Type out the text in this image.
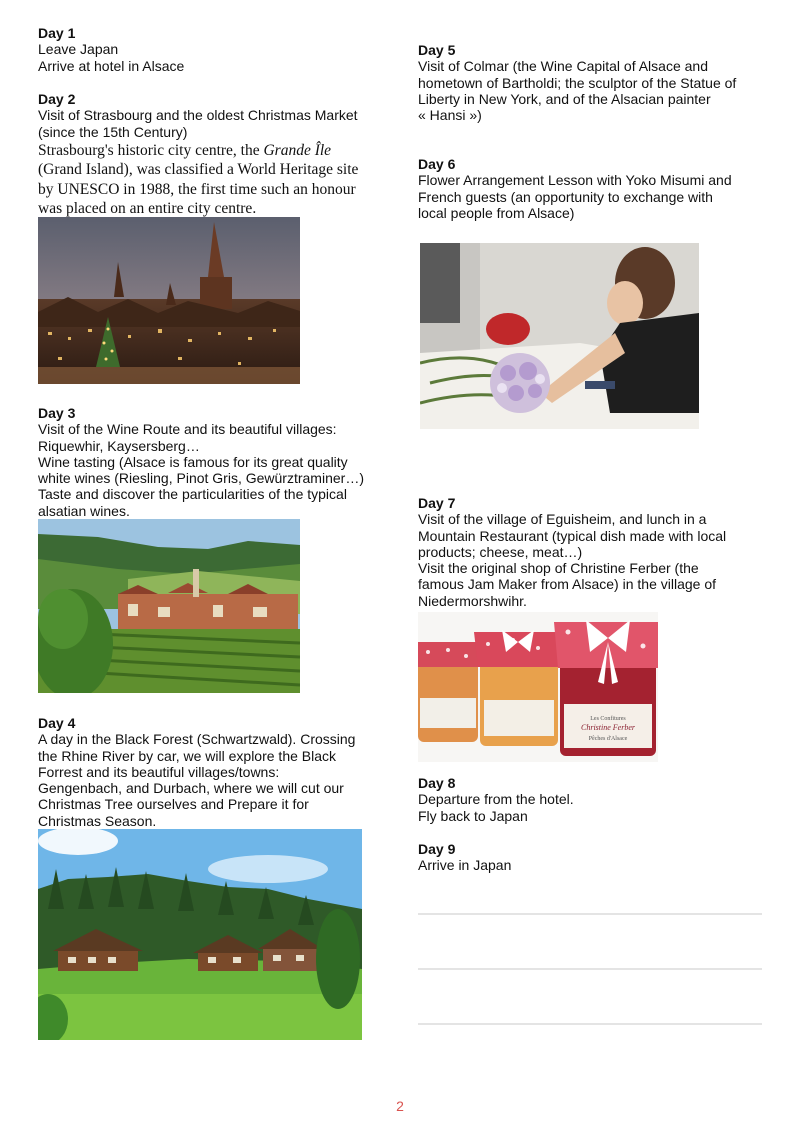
Day 1
Leave Japan
Arrive at hotel in Alsace
Day 2
Visit of Strasbourg and the oldest Christmas Market
(since the 15th Century)
Strasbourg's historic city centre, the Grande Île
(Grand Island), was classified a World Heritage site
by UNESCO in 1988, the first time such an honour
was placed on an entire city centre.
Day 3
Visit of the Wine Route and its beautiful villages:
Riquewhir, Kaysersberg…
Wine tasting (Alsace is famous for its great quality
white wines (Riesling, Pinot Gris, Gewürztraminer…)
Taste and discover the particularities of the typical
alsatian wines.
Day 4
A day in the Black Forest (Schwartzwald). Crossing
the Rhine River by car, we will explore the Black
Forrest and its beautiful villages/towns:
Gengenbach, and Durbach, where we will cut our
Christmas Tree ourselves and Prepare it for
Christmas Season.
Day 5
Visit of Colmar (the Wine Capital of Alsace and
hometown of Bartholdi; the sculptor of the Statue of
Liberty in New York, and of the Alsacian painter
« Hansi »)
Day 6
Flower Arrangement Lesson with Yoko Misumi and
French guests (an opportunity to exchange with
local people from Alsace)
Day 7
Visit of the village of Eguisheim, and lunch in a
Mountain Restaurant (typical dish made with local
products; cheese, meat…)
Visit the original shop of Christine Ferber (the
famous Jam Maker from Alsace) in the village of
Niedermorshwihr.
Les Confitures
Christine Ferber
Pêches d'Alsace
Day 8
Departure from the hotel.
Fly back to Japan
Day 9
Arrive in Japan
2
